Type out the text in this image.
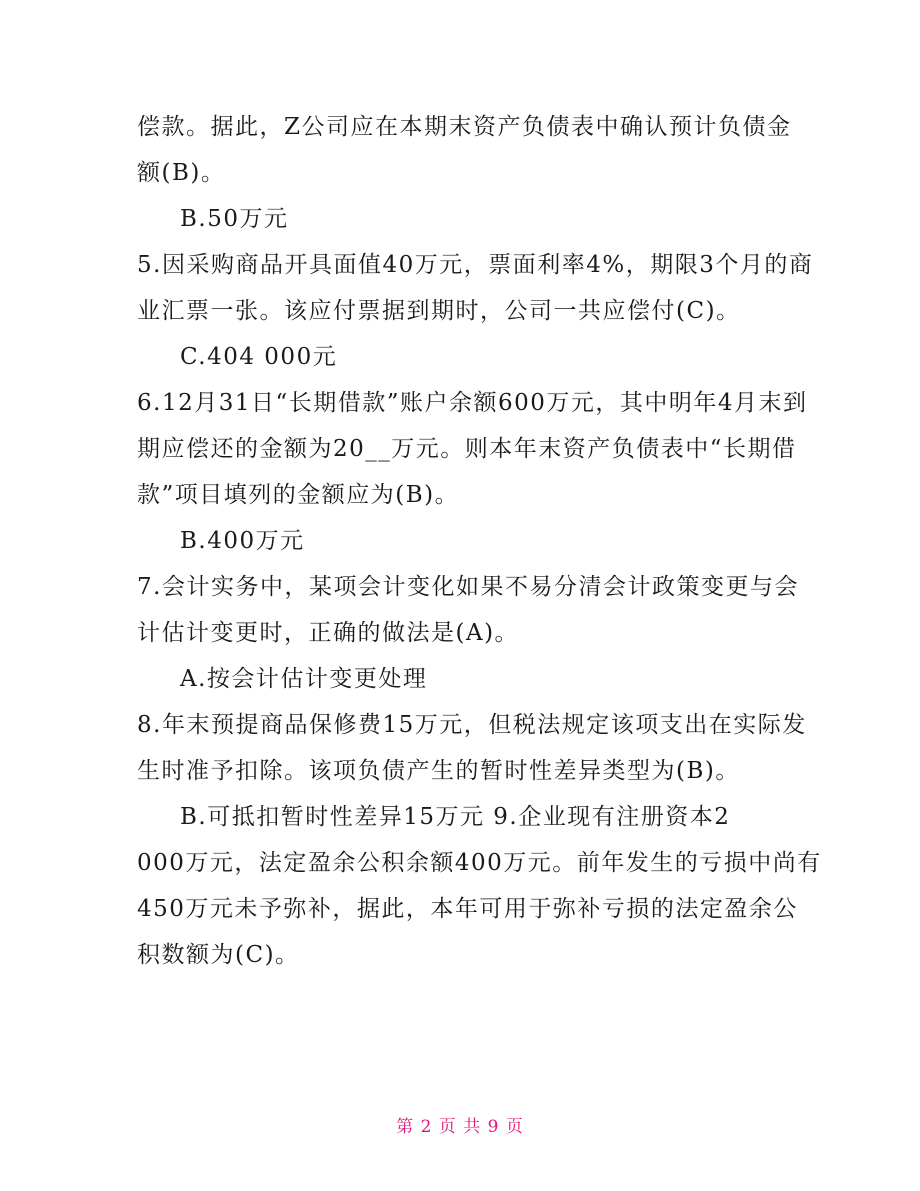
偿款。据此，Z公司应在本期末资产负债表中确认预计负债金
额(B)。
B.50万元
5.因采购商品开具面值40万元，票面利率4%，期限3个月的商
业汇票一张。该应付票据到期时，公司一共应偿付(C)。
C.404 000元
6.12月31日“长期借款”账户余额600万元，其中明年4月末到
期应偿还的金额为20__万元。则本年末资产负债表中“长期借
款”项目填列的金额应为(B)。
B.400万元
7.会计实务中，某项会计变化如果不易分清会计政策变更与会
计估计变更时，正确的做法是(A)。
A.按会计估计变更处理
8.年末预提商品保修费15万元，但税法规定该项支出在实际发
生时准予扣除。该项负债产生的暂时性差异类型为(B)。
B.可抵扣暂时性差异15万元 9.企业现有注册资本2
000万元，法定盈余公积余额400万元。前年发生的亏损中尚有
450万元未予弥补，据此，本年可用于弥补亏损的法定盈余公
积数额为(C)。
第 2 页 共 9 页
